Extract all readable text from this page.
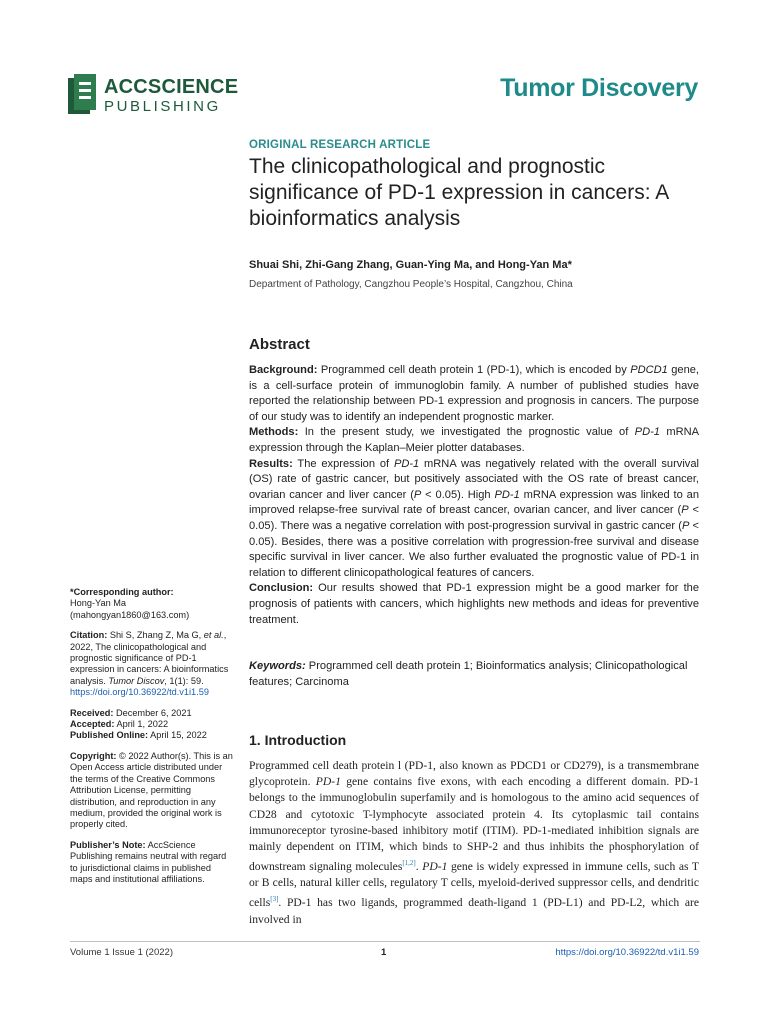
ACCSCIENCE
PUBLISHING
Tumor Discovery
ORIGINAL RESEARCH ARTICLE
The clinicopathological and prognostic significance of PD-1 expression in cancers: A bioinformatics analysis
Shuai Shi, Zhi-Gang Zhang, Guan-Ying Ma, and Hong-Yan Ma*
Department of Pathology, Cangzhou People’s Hospital, Cangzhou, China
Abstract

Background: Programmed cell death protein 1 (PD-1), which is encoded by PDCD1 gene, is a cell-surface protein of immunoglobin family. A number of published studies have reported the relationship between PD-1 expression and prognosis in cancers. The purpose of our study was to identify an independent prognostic marker.

Methods: In the present study, we investigated the prognostic value of PD-1 mRNA expression through the Kaplan–Meier plotter databases.

Results: The expression of PD-1 mRNA was negatively related with the overall survival (OS) rate of gastric cancer, but positively associated with the OS rate of breast cancer, ovarian cancer and liver cancer (P < 0.05). High PD-1 mRNA expression was linked to an improved relapse-free survival rate of breast cancer, ovarian cancer, and liver cancer (P < 0.05). There was a negative correlation with post-progression survival in gastric cancer (P < 0.05). Besides, there was a positive correlation with progression-free survival and disease specific survival in liver cancer. We also further evaluated the prognostic value of PD-1 in relation to different clinicopathological features of cancers.

Conclusion: Our results showed that PD-1 expression might be a good marker for the prognosis of patients with cancers, which highlights new methods and ideas for preventive treatment.

Keywords: Programmed cell death protein 1; Bioinformatics analysis; Clinicopathological features; Carcinoma
1. Introduction
Programmed cell death protein l (PD-1, also known as PDCD1 or CD279), is a transmembrane glycoprotein. PD-1 gene contains five exons, with each encoding a different domain. PD-1 belongs to the immunoglobulin superfamily and is homologous to the amino acid sequences of CD28 and cytotoxic T-lymphocyte associated protein 4. Its cytoplasmic tail contains immunoreceptor tyrosine-based inhibitory motif (ITIM). PD-1-mediated inhibition signals are mainly dependent on ITIM, which binds to SHP-2 and thus inhibits the phosphorylation of downstream signaling molecules[1,2]. PD-1 gene is widely expressed in immune cells, such as T or B cells, natural killer cells, regulatory T cells, myeloid-derived suppressor cells, and dendritic cells[3]. PD-1 has two ligands, programmed death-ligand 1 (PD-L1) and PD-L2, which are involved in
*Corresponding author:
Hong-Yan Ma
(mahongyan1860@163.com)
Citation: Shi S, Zhang Z, Ma G, et al., 2022, The clinicopathological and prognostic significance of PD-1 expression in cancers: A bioinformatics analysis. Tumor Discov, 1(1): 59.
https://doi.org/10.36922/td.v1i1.59
Received: December 6, 2021
Accepted: April 1, 2022
Published Online: April 15, 2022
Copyright: © 2022 Author(s). This is an Open Access article distributed under the terms of the Creative Commons Attribution License, permitting distribution, and reproduction in any medium, provided the original work is properly cited.
Publisher’s Note: AccScience Publishing remains neutral with regard to jurisdictional claims in published maps and institutional affiliations.
Volume 1 Issue 1 (2022)	1	https://doi.org/10.36922/td.v1i1.59
